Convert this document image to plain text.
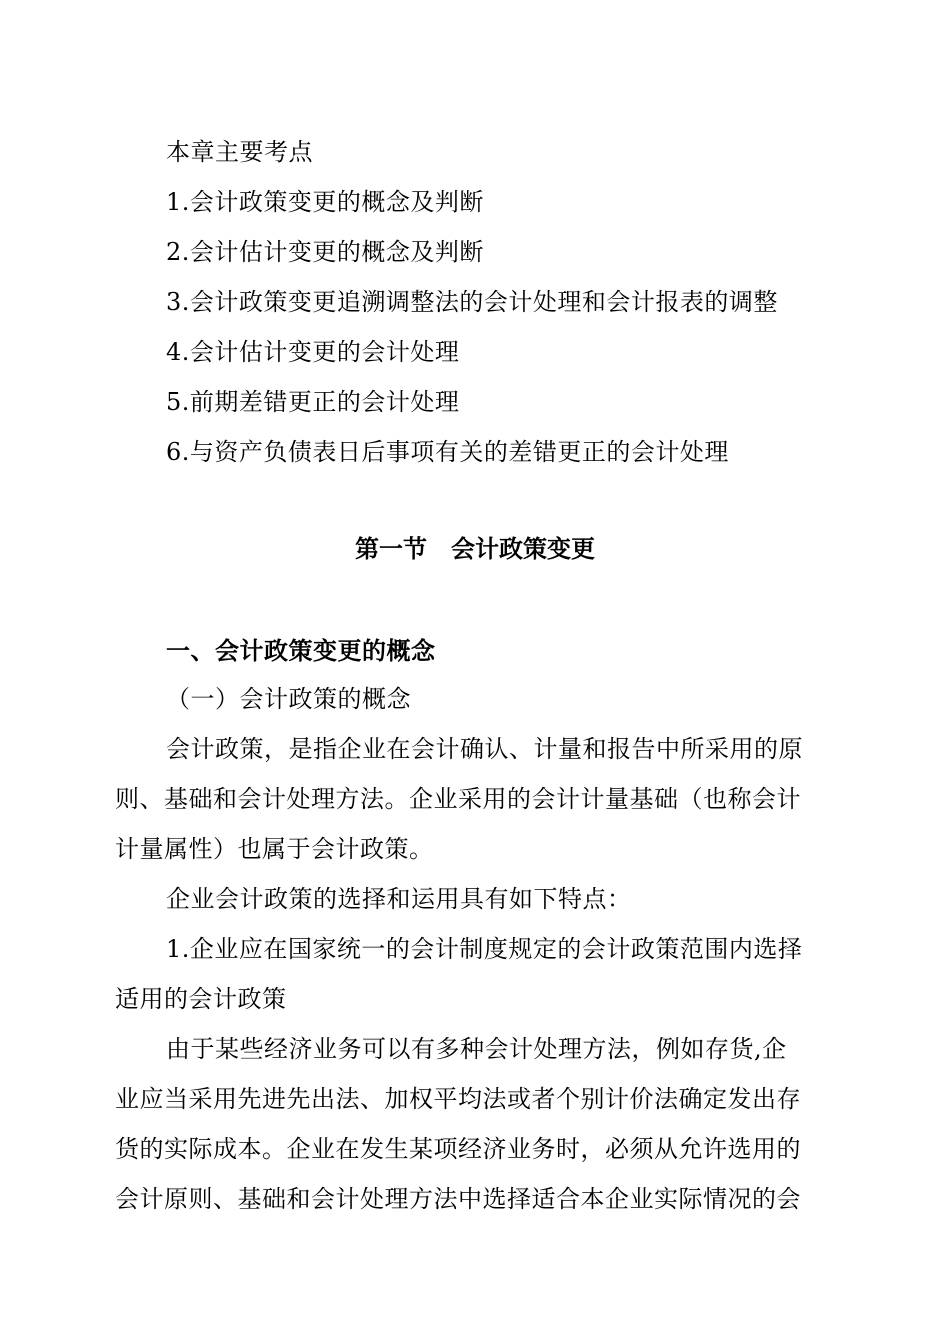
本章主要考点
1.会计政策变更的概念及判断
2.会计估计变更的概念及判断
3.会计政策变更追溯调整法的会计处理和会计报表的调整
4.会计估计变更的会计处理
5.前期差错更正的会计处理
6.与资产负债表日后事项有关的差错更正的会计处理
第一节　会计政策变更
一、会计政策变更的概念
（一）会计政策的概念
会计政策，是指企业在会计确认、计量和报告中所采用的原
则、基础和会计处理方法。企业采用的会计计量基础（也称会计
计量属性）也属于会计政策。
企业会计政策的选择和运用具有如下特点：
1.企业应在国家统一的会计制度规定的会计政策范围内选择
适用的会计政策
由于某些经济业务可以有多种会计处理方法，例如存货,企
业应当采用先进先出法、加权平均法或者个别计价法确定发出存
货的实际成本。企业在发生某项经济业务时，必须从允许选用的
会计原则、基础和会计处理方法中选择适合本企业实际情况的会
